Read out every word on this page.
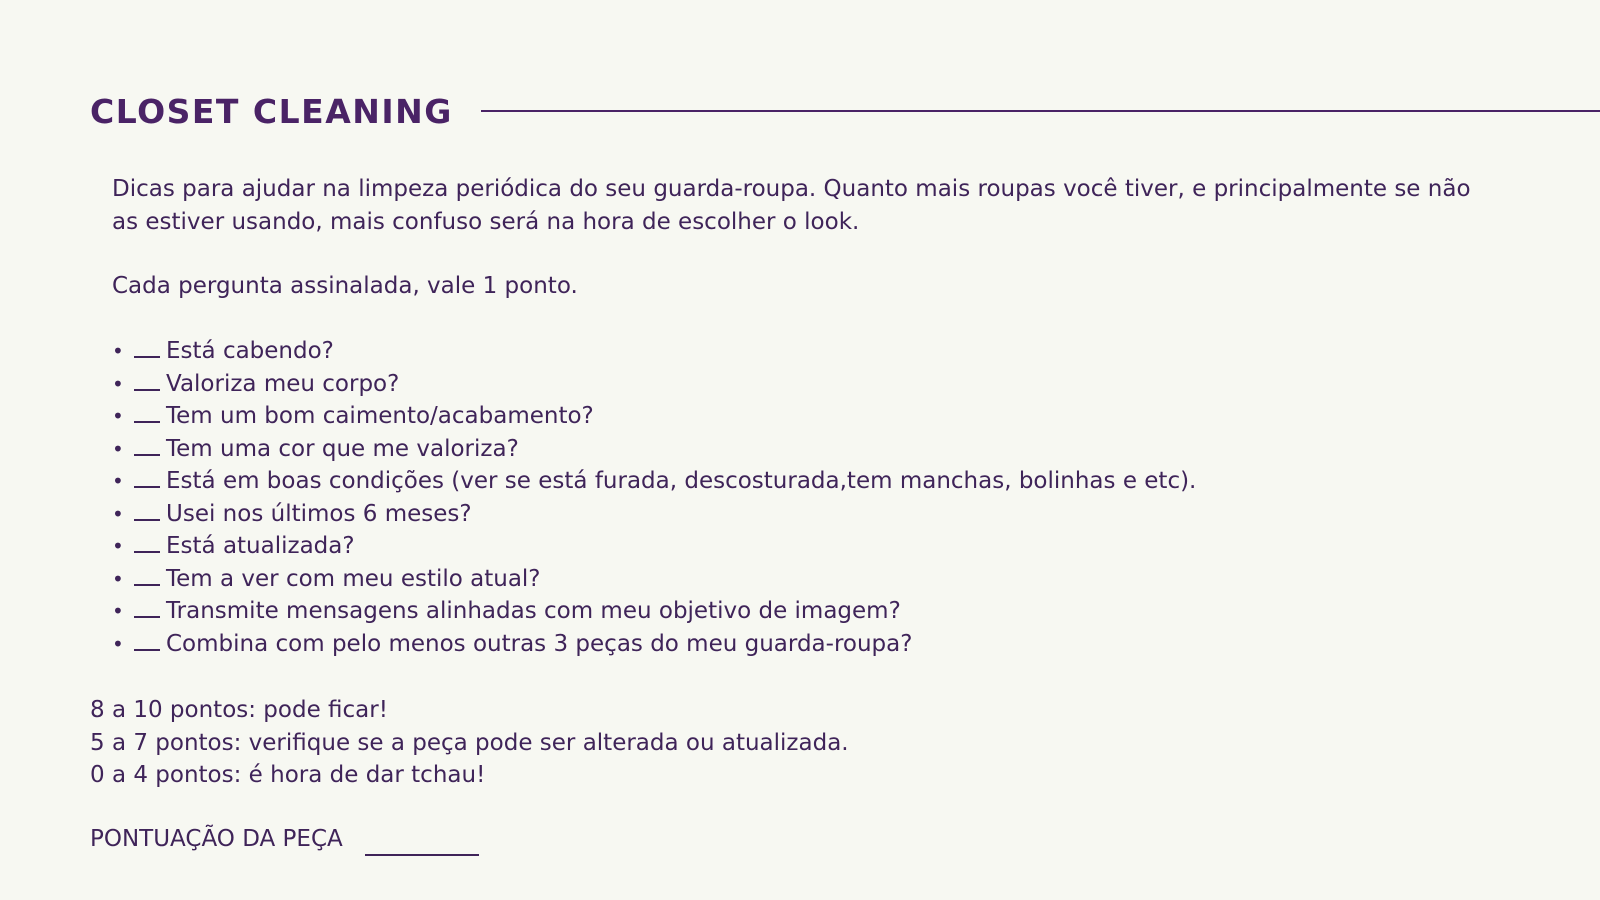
CLOSET CLEANING

Dicas para ajudar na limpeza periódica do seu guarda-roupa. Quanto mais roupas você tiver, e principalmente se não as estiver usando, mais confuso será na hora de escolher o look.

Cada pergunta assinalada, vale 1 ponto.

•	Está cabendo?
•	Valoriza meu corpo?
•	Tem um bom caimento/acabamento?
•	Tem uma cor que me valoriza?
•	Está em boas condições (ver se está furada, descosturada,tem manchas, bolinhas e etc).
•	Usei nos últimos 6 meses?
•	Está atualizada?
•	Tem a ver com meu estilo atual?
•	Transmite mensagens alinhadas com meu objetivo de imagem?
•	Combina com pelo menos outras 3 peças do meu guarda-roupa?
8 a 10 pontos: pode ficar!
5 a 7 pontos: verifique se a peça pode ser alterada ou atualizada.
0 a 4 pontos: é hora de dar tchau!
PONTUAÇÃO DA PEÇA
